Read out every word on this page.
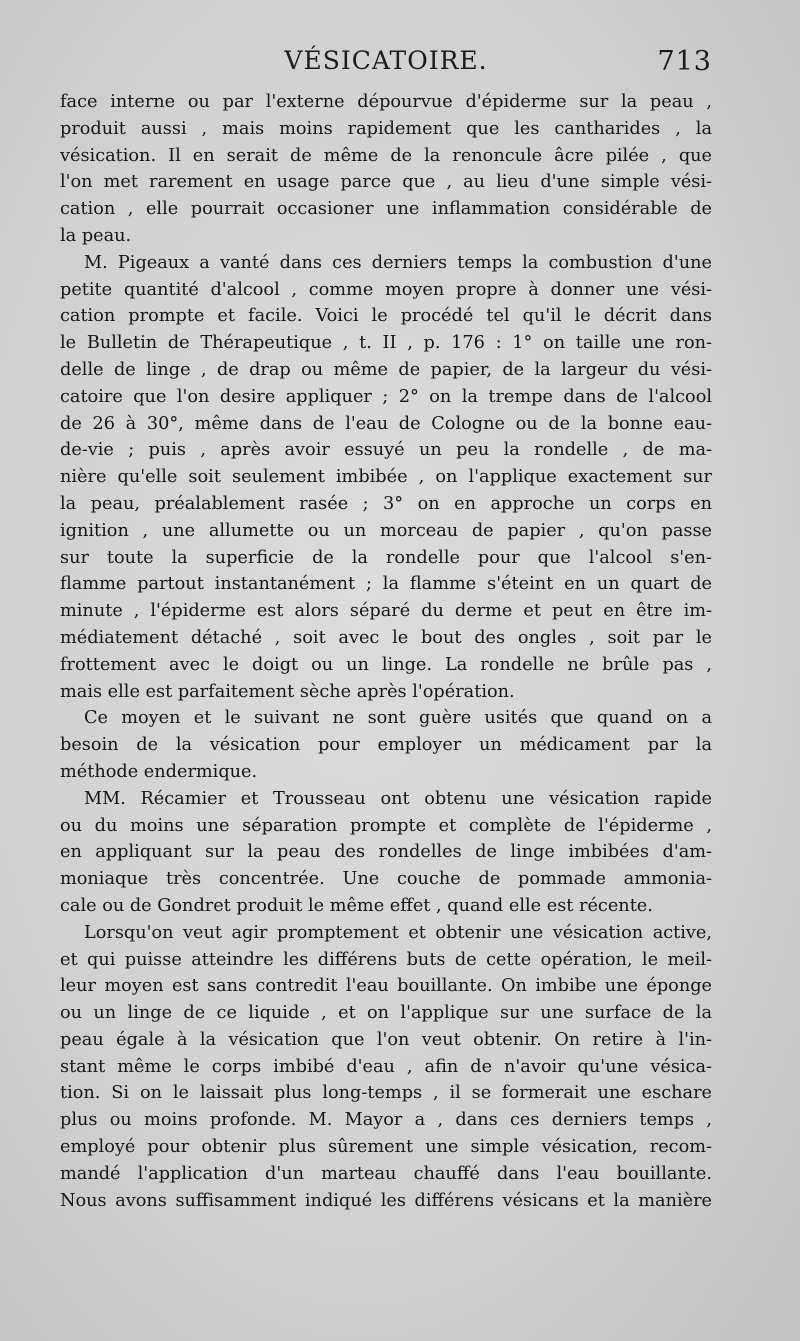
VÉSICATOIRE.	713
face interne ou par l'externe dépourvue d'épiderme sur la peau ,
produit aussi , mais moins rapidement que les cantharides , la
vésication. Il en serait de même de la renoncule âcre pilée , que
l'on met rarement en usage parce que , au lieu d'une simple vési-
cation , elle pourrait occasioner une inflammation considérable de
la peau.
M. Pigeaux a vanté dans ces derniers temps la combustion d'une
petite quantité d'alcool , comme moyen propre à donner une vési-
cation prompte et facile. Voici le procédé tel qu'il le décrit dans
le Bulletin de Thérapeutique , t. II , p. 176 : 1° on taille une ron-
delle de linge , de drap ou même de papier, de la largeur du vési-
catoire que l'on desire appliquer ; 2° on la trempe dans de l'alcool
de 26 à 30°, même dans de l'eau de Cologne ou de la bonne eau-
de-vie ; puis , après avoir essuyé un peu la rondelle , de ma-
nière qu'elle soit seulement imbibée , on l'applique exactement sur
la peau, préalablement rasée ; 3° on en approche un corps en
ignition , une allumette ou un morceau de papier , qu'on passe
sur toute la superficie de la rondelle pour que l'alcool s'en-
flamme partout instantanément ; la flamme s'éteint en un quart de
minute , l'épiderme est alors séparé du derme et peut en être im-
médiatement détaché , soit avec le bout des ongles , soit par le
frottement avec le doigt ou un linge. La rondelle ne brûle pas ,
mais elle est parfaitement sèche après l'opération.
Ce moyen et le suivant ne sont guère usités que quand on a
besoin de la vésication pour employer un médicament par la
méthode endermique.
MM. Récamier et Trousseau ont obtenu une vésication rapide
ou du moins une séparation prompte et complète de l'épiderme ,
en appliquant sur la peau des rondelles de linge imbibées d'am-
moniaque très concentrée. Une couche de pommade ammonia-
cale ou de Gondret produit le même effet , quand elle est récente.
Lorsqu'on veut agir promptement et obtenir une vésication active,
et qui puisse atteindre les différens buts de cette opération, le meil-
leur moyen est sans contredit l'eau bouillante. On imbibe une éponge
ou un linge de ce liquide , et on l'applique sur une surface de la
peau égale à la vésication que l'on veut obtenir. On retire à l'in-
stant même le corps imbibé d'eau , afin de n'avoir qu'une vésica-
tion. Si on le laissait plus long-temps , il se formerait une eschare
plus ou moins profonde. M. Mayor a , dans ces derniers temps ,
employé pour obtenir plus sûrement une simple vésication, recom-
mandé l'application d'un marteau chauffé dans l'eau bouillante.
Nous avons suffisamment indiqué les différens vésicans et la manière
